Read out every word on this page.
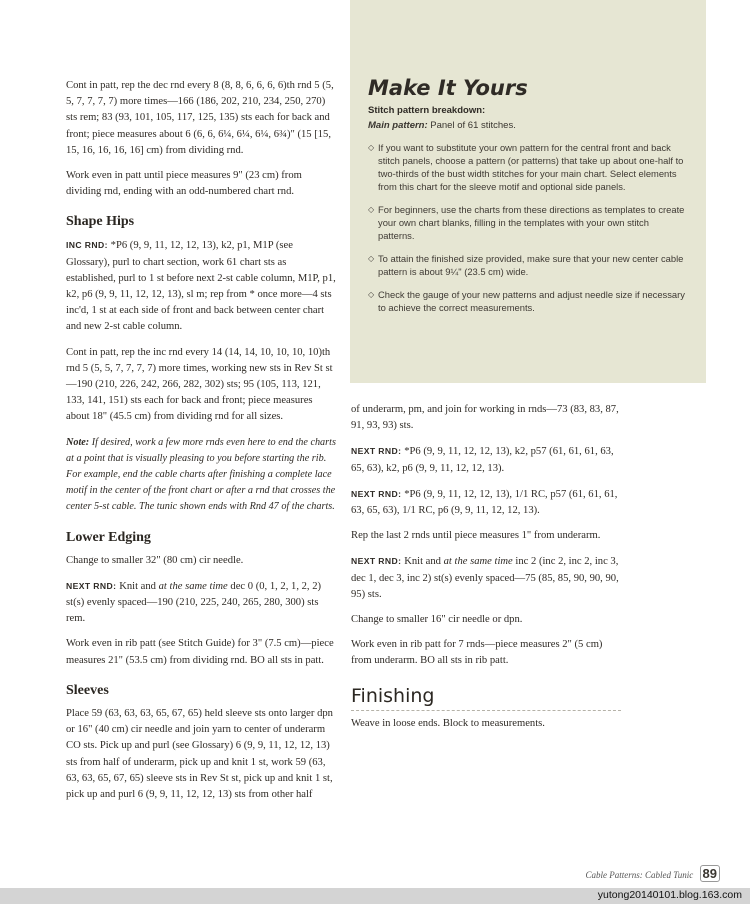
Make It Yours
Stitch pattern breakdown:
Main pattern: Panel of 61 stitches.
◇ If you want to substitute your own pattern for the central front and back stitch panels, choose a pattern (or patterns) that take up about one-half to two-thirds of the bust width stitches for your main chart. Select elements from this chart for the sleeve motif and optional side panels.
◇ For beginners, use the charts from these directions as templates to create your own chart blanks, filling in the templates with your own stitch patterns.
◇ To attain the finished size provided, make sure that your new center cable pattern is about 9¼" (23.5 cm) wide.
◇ Check the gauge of your new patterns and adjust needle size if necessary to achieve the correct measurements.

Cont in patt, rep the dec rnd every 8 (8, 8, 6, 6, 6, 6)th rnd 5 (5, 5, 7, 7, 7, 7) more times—166 (186, 202, 210, 234, 250, 270) sts rem; 83 (93, 101, 105, 117, 125, 135) sts each for back and front; piece measures about 6 (6, 6, 6¼, 6¼, 6¼, 6¾)" (15 [15, 15, 16, 16, 16, 16] cm) from dividing rnd.

Work even in patt until piece measures 9" (23 cm) from dividing rnd, ending with an odd-numbered chart rnd.

Shape Hips

INC RND: *P6 (9, 9, 11, 12, 12, 13), k2, p1, M1P (see Glossary), purl to chart section, work 61 chart sts as established, purl to 1 st before next 2-st cable column, M1P, p1, k2, p6 (9, 9, 11, 12, 12, 13), sl m; rep from * once more—4 sts inc'd, 1 st at each side of front and back between center chart and new 2-st cable column.

Cont in patt, rep the inc rnd every 14 (14, 14, 10, 10, 10, 10)th rnd 5 (5, 5, 7, 7, 7, 7) more times, working new sts in Rev St st—190 (210, 226, 242, 266, 282, 302) sts; 95 (105, 113, 121, 133, 141, 151) sts each for back and front; piece measures about 18" (45.5 cm) from dividing rnd for all sizes.

Note: If desired, work a few more rnds even here to end the charts at a point that is visually pleasing to you before starting the rib. For example, end the cable charts after finishing a complete lace motif in the center of the front chart or after a rnd that crosses the center 5-st cable. The tunic shown ends with Rnd 47 of the charts.

Lower Edging

Change to smaller 32" (80 cm) cir needle.

NEXT RND: Knit and at the same time dec 0 (0, 1, 2, 1, 2, 2) st(s) evenly spaced—190 (210, 225, 240, 265, 280, 300) sts rem.

Work even in rib patt (see Stitch Guide) for 3" (7.5 cm)—piece measures 21" (53.5 cm) from dividing rnd. BO all sts in patt.

Sleeves

Place 59 (63, 63, 63, 65, 67, 65) held sleeve sts onto larger dpn or 16" (40 cm) cir needle and join yarn to center of underarm CO sts. Pick up and purl (see Glossary) 6 (9, 9, 11, 12, 12, 13) sts from half of underarm, pick up and knit 1 st, work 59 (63, 63, 63, 65, 67, 65) sleeve sts in Rev St st, pick up and knit 1 st, pick up and purl 6 (9, 9, 11, 12, 12, 13) sts from other half

of underarm, pm, and join for working in rnds—73 (83, 83, 87, 91, 93, 93) sts.

NEXT RND: *P6 (9, 9, 11, 12, 12, 13), k2, p57 (61, 61, 61, 63, 65, 63), k2, p6 (9, 9, 11, 12, 12, 13).

NEXT RND: *P6 (9, 9, 11, 12, 12, 13), 1/1 RC, p57 (61, 61, 61, 63, 65, 63), 1/1 RC, p6 (9, 9, 11, 12, 12, 13).

Rep the last 2 rnds until piece measures 1" from underarm.

NEXT RND: Knit and at the same time inc 2 (inc 2, inc 2, inc 3, dec 1, dec 3, inc 2) st(s) evenly spaced—75 (85, 85, 90, 90, 90, 95) sts.

Change to smaller 16" cir needle or dpn.

Work even in rib patt for 7 rnds—piece measures 2" (5 cm) from underarm. BO all sts in rib patt.

Finishing

Weave in loose ends. Block to measurements.

Cable Patterns: Cabled Tunic 89
yutong20140101.blog.163.com
